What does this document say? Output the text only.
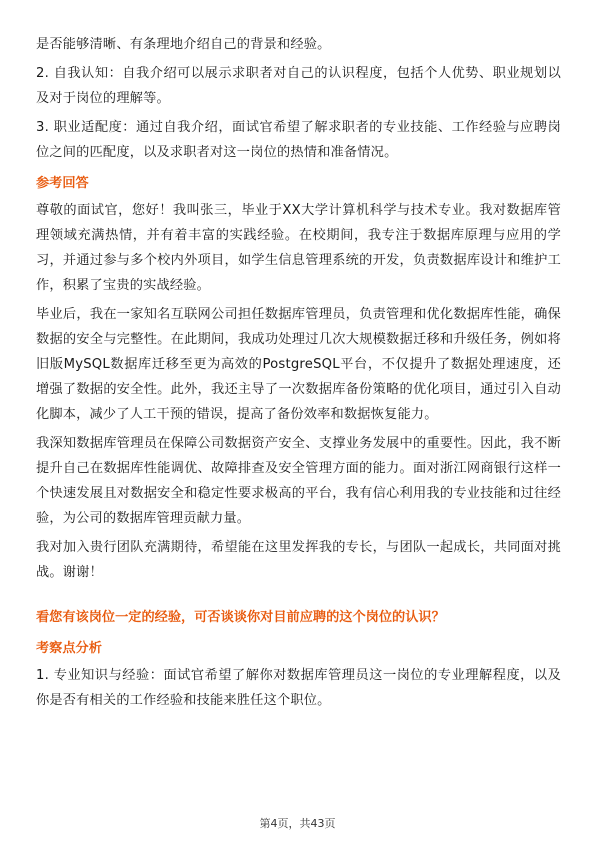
是否能够清晰、有条理地介绍自己的背景和经验。

2. 自我认知：自我介绍可以展示求职者对自己的认识程度，包括个人优势、职业规划以及对于岗位的理解等。

3. 职业适配度：通过自我介绍，面试官希望了解求职者的专业技能、工作经验与应聘岗位之间的匹配度，以及求职者对这一岗位的热情和准备情况。

参考回答

尊敬的面试官，您好！我叫张三，毕业于XX大学计算机科学与技术专业。我对数据库管理领域充满热情，并有着丰富的实践经验。在校期间，我专注于数据库原理与应用的学习，并通过参与多个校内外项目，如学生信息管理系统的开发，负责数据库设计和维护工作，积累了宝贵的实战经验。

毕业后，我在一家知名互联网公司担任数据库管理员，负责管理和优化数据库性能，确保数据的安全与完整性。在此期间，我成功处理过几次大规模数据迁移和升级任务，例如将旧版MySQL数据库迁移至更为高效的PostgreSQL平台，不仅提升了数据处理速度，还增强了数据的安全性。此外，我还主导了一次数据库备份策略的优化项目，通过引入自动化脚本，减少了人工干预的错误，提高了备份效率和数据恢复能力。

我深知数据库管理员在保障公司数据资产安全、支撑业务发展中的重要性。因此，我不断提升自己在数据库性能调优、故障排查及安全管理方面的能力。面对浙江网商银行这样一个快速发展且对数据安全和稳定性要求极高的平台，我有信心利用我的专业技能和过往经验，为公司的数据库管理贡献力量。

我对加入贵行团队充满期待，希望能在这里发挥我的专长，与团队一起成长，共同面对挑战。谢谢！

看您有该岗位一定的经验，可否谈谈你对目前应聘的这个岗位的认识？
考察点分析

1. 专业知识与经验：面试官希望了解你对数据库管理员这一岗位的专业理解程度，以及你是否有相关的工作经验和技能来胜任这个职位。

第4页，共43页
